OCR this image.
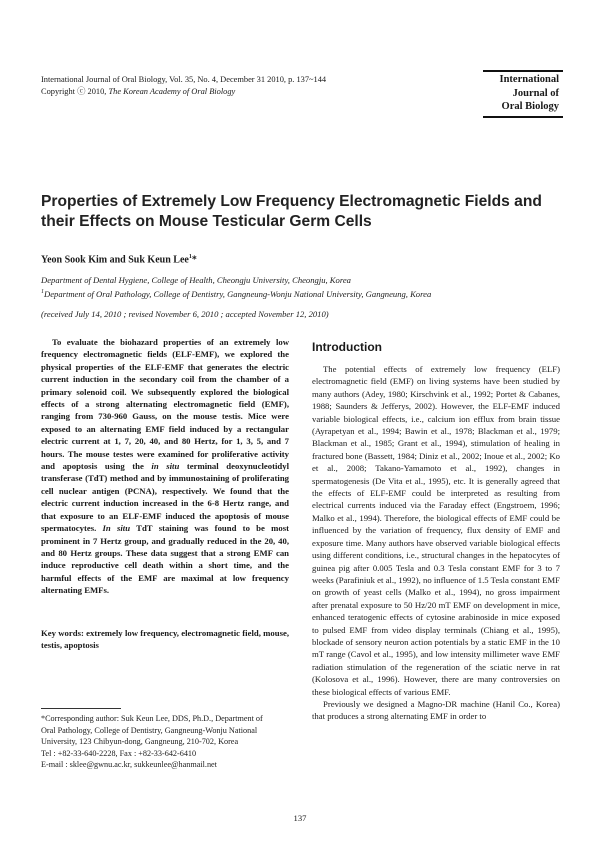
International Journal of Oral Biology, Vol. 35, No. 4, December 31 2010, p. 137~144
Copyright ⓒ 2010, The Korean Academy of Oral Biology
International
Journal of
Oral Biology
Properties of Extremely Low Frequency Electromagnetic Fields and their Effects on Mouse Testicular Germ Cells
Yeon Sook Kim and Suk Keun Lee$^1$*
Department of Dental Hygiene, College of Health, Cheongju University, Cheongju, Korea
$^1$Department of Oral Pathology, College of Dentistry, Gangneung-Wonju National University, Gangneung, Korea
(received July 14, 2010 ; revised November 6, 2010 ; accepted November 12, 2010)
To evaluate the biohazard properties of an extremely low frequency electromagnetic fields (ELF-EMF), we explored the physical properties of the ELF-EMF that generates the electric current induction in the secondary coil from the chamber of a primary solenoid coil. We subsequently explored the biological effects of a strong alternating electromagnetic field (EMF), ranging from 730-960 Gauss, on the mouse testis. Mice were exposed to an alternating EMF field induced by a rectangular electric current at 1, 7, 20, 40, and 80 Hertz, for 1, 3, 5, and 7 hours. The mouse testes were examined for proliferative activity and apoptosis using the in situ terminal deoxynucleotidyl transferase (TdT) method and by immunostaining of proliferating cell nuclear antigen (PCNA), respectively. We found that the electric current induction increased in the 6-8 Hertz range, and that exposure to an ELF-EMF induced the apoptosis of mouse spermatocytes. In situ TdT staining was found to be most prominent in 7 Hertz group, and gradually reduced in the 20, 40, and 80 Hertz groups. These data suggest that a strong EMF can induce reproductive cell death within a short time, and the harmful effects of the EMF are maximal at low frequency alternating EMFs.
Key words: extremely low frequency, electromagnetic field, mouse, testis, apoptosis
*Corresponding author: Suk Keun Lee, DDS, Ph.D., Department of
Oral Pathology, College of Dentistry, Gangneung-Wonju National
University, 123 Chibyun-dong, Gangneung, 210-702, Korea
Tel : +82-33-640-2228, Fax : +82-33-642-6410
E-mail : sklee@gwnu.ac.kr, sukkeunlee@hanmail.net
Introduction

The potential effects of extremely low frequency (ELF) electromagnetic field (EMF) on living systems have been studied by many authors (Adey, 1980; Kirschvink et al., 1992; Portet & Cabanes, 1988; Saunders & Jefferys, 2002). However, the ELF-EMF induced variable biological effects, i.e., calcium ion efflux from brain tissue (Ayrapetyan et al., 1994; Bawin et al., 1978; Blackman et al., 1979; Blackman et al., 1985; Grant et al., 1994), stimulation of healing in fractured bone (Bassett, 1984; Diniz et al., 2002; Inoue et al., 2002; Ko et al., 2008; Takano-Yamamoto et al., 1992), changes in spermatogenesis (De Vita et al., 1995), etc. It is generally agreed that the effects of ELF-EMF could be interpreted as resulting from electrical currents induced via the Faraday effect (Engstroem, 1996; Malko et al., 1994). Therefore, the biological effects of EMF could be influenced by the variation of frequency, flux density of EMF and exposure time. Many authors have observed variable biological effects using different conditions, i.e., structural changes in the hepatocytes of guinea pig after 0.005 Tesla and 0.3 Tesla constant EMF for 3 to 7 weeks (Parafiniuk et al., 1992), no influence of 1.5 Tesla constant EMF on growth of yeast cells (Malko et al., 1994), no gross impairment after prenatal exposure to 50 Hz/20 mT EMF on development in mice, enhanced teratogenic effects of cytosine arabinoside in mice exposed to pulsed EMF from video display terminals (Chiang et al., 1995), blockade of sensory neuron action potentials by a static EMF in the 10 mT range (Cavol et al., 1995), and low intensity millimeter wave EMF radiation stimulation of the regeneration of the sciatic nerve in rat (Kolosova et al., 1996). However, there are many controversies on these biological effects of various EMF.

Previously we designed a Magno-DR machine (Hanil Co., Korea) that produces a strong alternating EMF in order to

137
